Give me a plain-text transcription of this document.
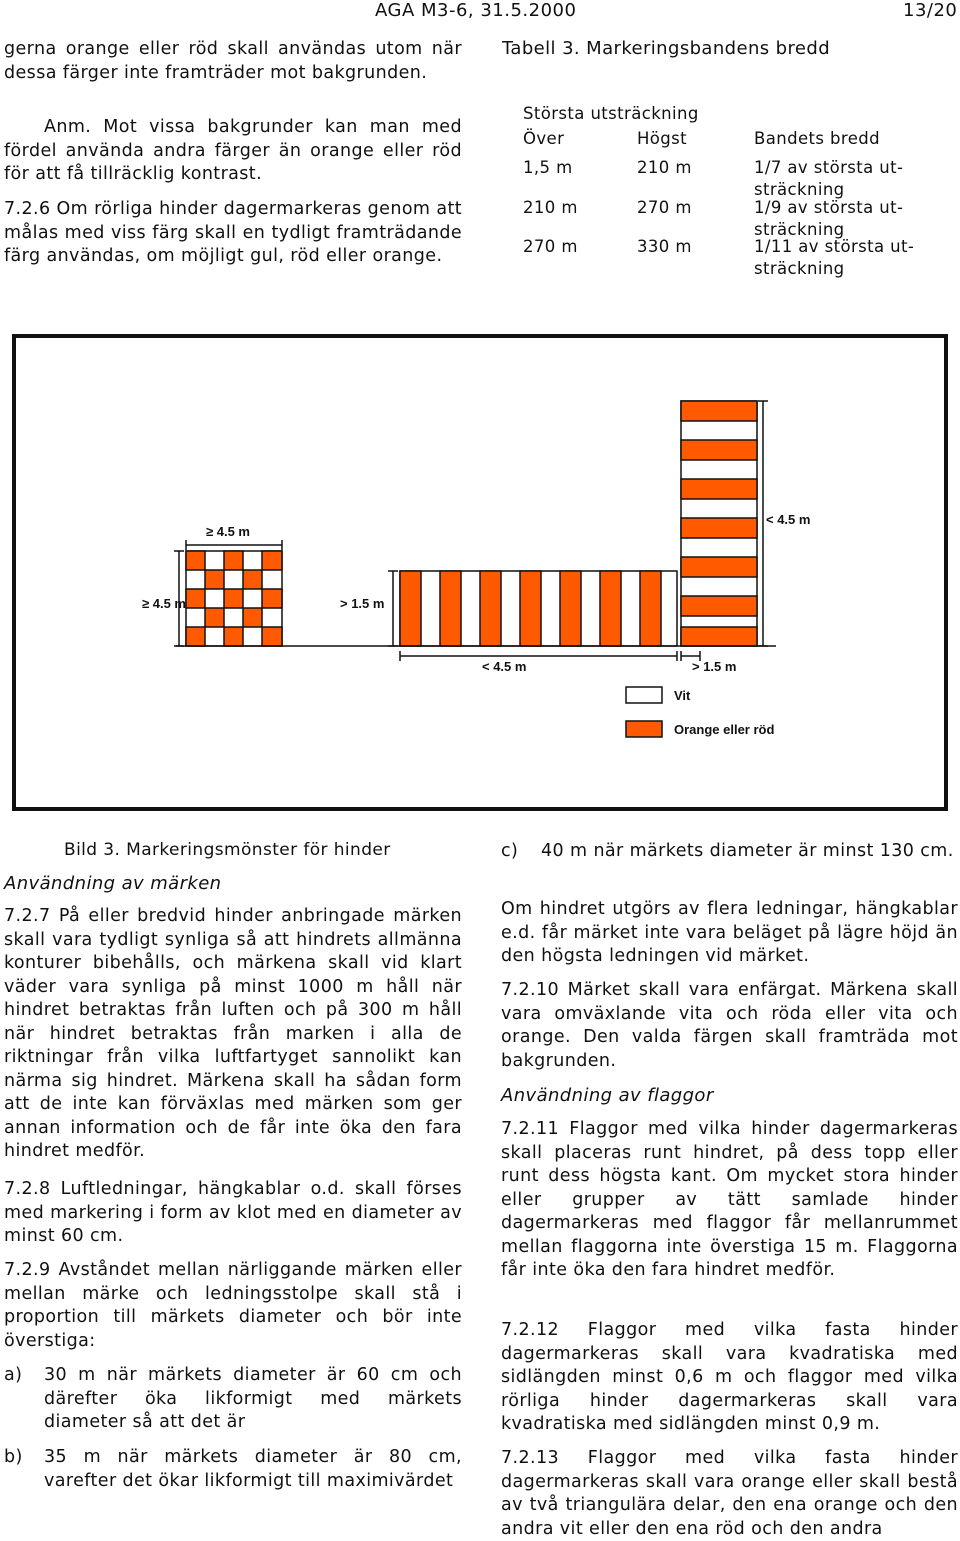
AGA M3-6, 31.5.2000	13/20

gerna orange eller röd skall användas utom när dessa färger inte framträder mot bakgrunden.

Anm. Mot vissa bakgrunder kan man med fördel använda andra färger än orange eller röd för att få tillräcklig kontrast.

7.2.6 Om rörliga hinder dagermarkeras genom att målas med viss färg skall en tydligt framträdande färg användas, om möjligt gul, röd eller orange.

Tabell 3. Markeringsbandens bredd
Största utsträckning
Över	Högst	Bandets bredd
1,5 m	210 m	1/7 av största ut-
sträckning
210 m	270 m	1/9 av största ut-
sträckning
270 m	330 m	1/11 av största ut-
sträckning
≥ 4.5 m
≥ 4.5 m	> 1.5 m
< 4.5 m	> 1.5 m
< 4.5 m
Vit
Orange eller röd
Bild 3. Markeringsmönster för hinder
Användning av märken

7.2.7 På eller bredvid hinder anbringade märken skall vara tydligt synliga så att hindrets allmänna konturer bibehålls, och märkena skall vid klart väder vara synliga på minst 1000 m håll när hindret betraktas från luften och på 300 m håll när hindret betraktas från marken i alla de riktningar från vilka luftfartyget sannolikt kan närma sig hindret. Märkena skall ha sådan form att de inte kan förväxlas med märken som ger annan information och de får inte öka den fara hindret medför.

7.2.8 Luftledningar, hängkablar o.d. skall förses med markering i form av klot med en diameter av minst 60 cm.

7.2.9 Avståndet mellan närliggande märken eller mellan märke och ledningsstolpe skall stå i proportion till märkets diameter och bör inte överstiga:

a) 30 m när märkets diameter är 60 cm och därefter öka likformigt med märkets diameter så att det är

b) 35 m när märkets diameter är 80 cm, varefter det ökar likformigt till maximivärdet

c) 40 m när märkets diameter är minst 130 cm.

Om hindret utgörs av flera ledningar, hängkablar e.d. får märket inte vara beläget på lägre höjd än den högsta ledningen vid märket.

7.2.10 Märket skall vara enfärgat. Märkena skall vara omväxlande vita och röda eller vita och orange. Den valda färgen skall framträda mot bakgrunden.

Användning av flaggor

7.2.11 Flaggor med vilka hinder dagermarkeras skall placeras runt hindret, på dess topp eller runt dess högsta kant. Om mycket stora hinder eller grupper av tätt samlade hinder dagermarkeras med flaggor får mellanrummet mellan flaggorna inte överstiga 15 m. Flaggorna får inte öka den fara hindret medför.

7.2.12 Flaggor med vilka fasta hinder dagermarkeras skall vara kvadratiska med sidlängden minst 0,6 m och flaggor med vilka rörliga hinder dagermarkeras skall vara kvadratiska med sidlängden minst 0,9 m.

7.2.13 Flaggor med vilka fasta hinder dagermarkeras skall vara orange eller skall bestå av två triangulära delar, den ena orange och den andra vit eller den ena röd och den andra
